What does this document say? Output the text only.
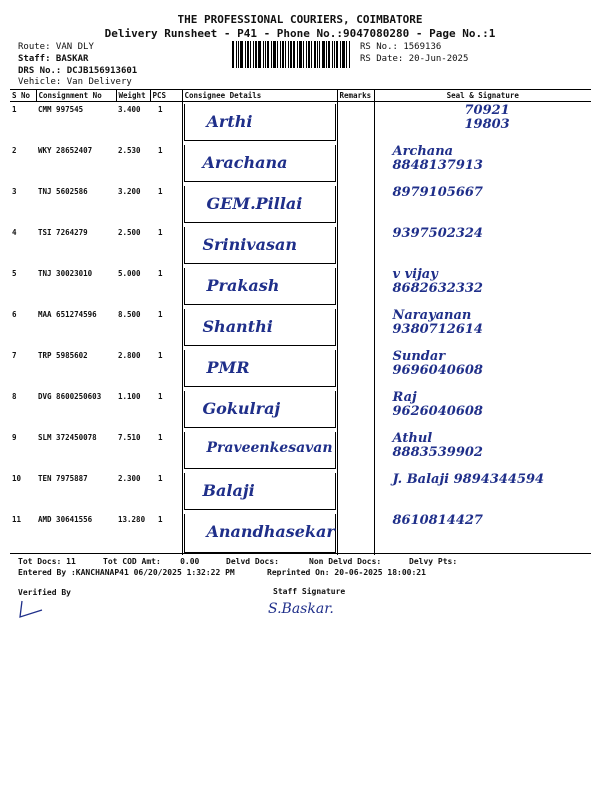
THE PROFESSIONAL COURIERS, COIMBATORE
Delivery Runsheet - P41 - Phone No.:9047080280 - Page No.:1
Route: VAN DLY
Staff: BASKAR
DRS No.: DCJB156913601
Vehicle: Van Delivery
RS No.: 1569136
RS Date: 20-Jun-2025
S No	Consignment No	Weight	PCS	Consignee Details	Remarks	Seal & Signature
1	CMM 997545	3.400	1	Arthi		70921
19803

2	WKY 28652407	2.530	1	Arachana		Archana
8848137913

3	TNJ 5602586	3.200	1	GEM.Pillai		8979105667

4	TSI 7264279	2.500	1	Srinivasan		9397502324

5	TNJ 30023010	5.000	1	Prakash		v vijay
8682632332

6	MAA 651274596	8.500	1	Shanthi		Narayanan
9380712614

7	TRP 5985602	2.800	1	PMR		Sundar
9696040608

8	DVG 8600250603	1.100	1	Gokulraj		Raj
9626040608

9	SLM 372450078	7.510	1	Praveenkesavan		Athul
8883539902

10	TEN 7975887	2.300	1	Balaji		J. Balaji 9894344594

11	AMD 30641556	13.280	1	Anandhasekar		8610814427
Tot Docs: 11	Tot COD Amt:    0.00	Delvd Docs:	Non Delvd Docs:	Delvy Pts:
Entered By :KANCHANAP41 06/20/2025 1:32:22 PM	Reprinted On: 20-06-2025 18:00:21
Verified By	Staff Signature
S.Baskar.
